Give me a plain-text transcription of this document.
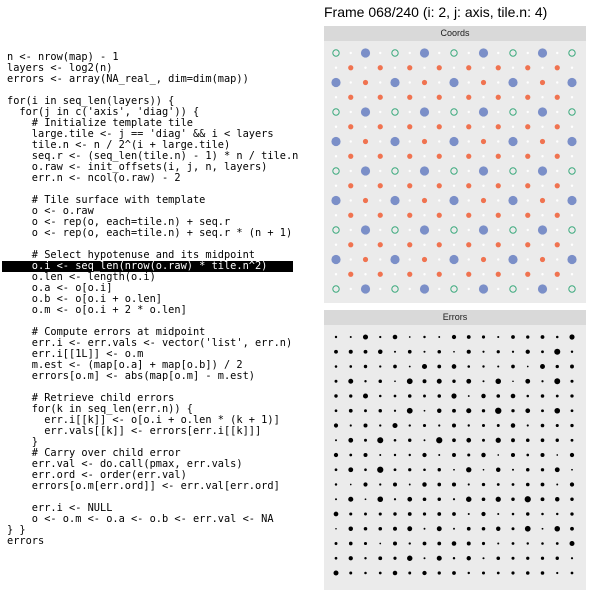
Frame 068/240 (i: 2, j: axis, tile.n: 4)
n <- nrow(map) - 1
layers <- log2(n)
errors <- array(NA_real_, dim=dim(map))
for(i in seq_len(layers)) {
for(j in c('axis', 'diag')) {
# Initialize template tile
large.tile <- j == 'diag' && i < layers
tile.n <- n / 2^(i + large.tile)
seq.r <- (seq_len(tile.n) - 1) * n / tile.n
o.raw <- init_offsets(i, j, n, layers)
err.n <- ncol(o.raw) - 2
# Tile surface with template
o <- o.raw
o <- rep(o, each=tile.n) + seq.r
o <- rep(o, each=tile.n) + seq.r * (n + 1)
# Select hypotenuse and its midpoint
o.i <- seq_len(nrow(o.raw) * tile.n^2)
o.len <- length(o.i)
o.a <- o[o.i]
o.b <- o[o.i + o.len]
o.m <- o[o.i + 2 * o.len]
# Compute errors at midpoint
err.i <- err.vals <- vector('list', err.n)
err.i[[1L]] <- o.m
m.est <- (map[o.a] + map[o.b]) / 2
errors[o.m] <- abs(map[o.m] - m.est)
# Retrieve child errors
for(k in seq_len(err.n)) {
err.i[[k]] <- o[o.i + o.len * (k + 1)]
err.vals[[k]] <- errors[err.i[[k]]]
}
# Carry over child error
err.val <- do.call(pmax, err.vals)
err.ord <- order(err.val)
errors[o.m[err.ord]] <- err.val[err.ord]
err.i <- NULL
o <- o.m <- o.a <- o.b <- err.val <- NA
} }
errors
Coords
Errors
